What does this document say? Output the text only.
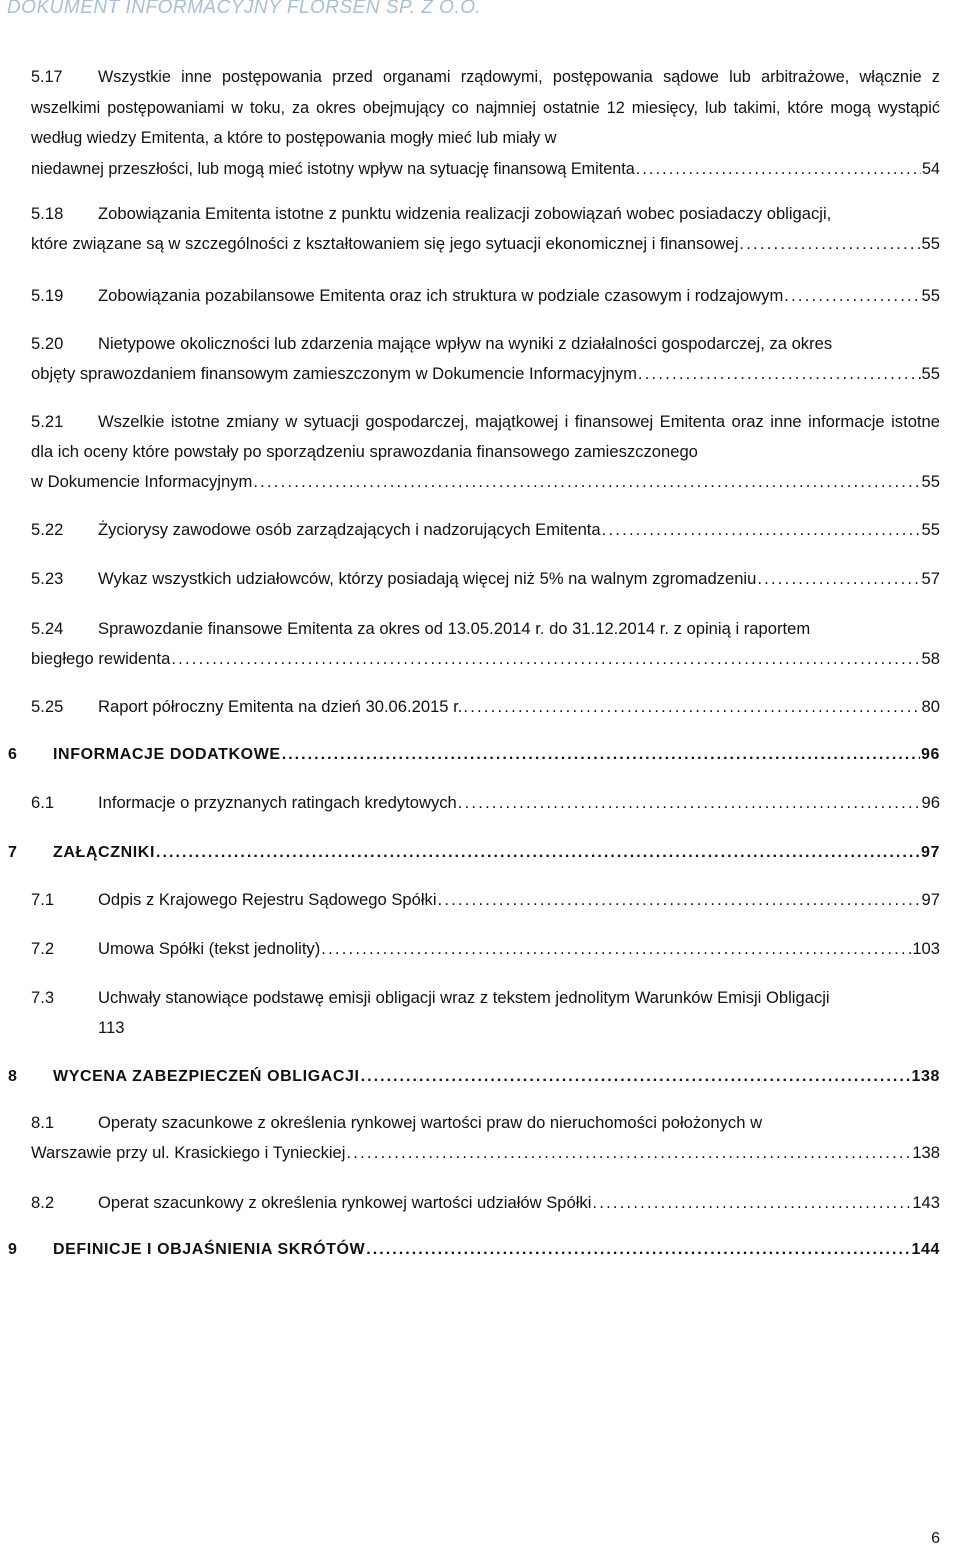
DOKUMENT INFORMACYJNY FLORSEN SP. Z O.O.
5.17 Wszystkie inne postępowania przed organami rządowymi, postępowania sądowe lub arbitrażowe, włącznie z wszelkimi postępowaniami w toku, za okres obejmujący co najmniej ostatnie 12 miesięcy, lub takimi, które mogą wystąpić według wiedzy Emitenta, a które to postępowania mogły mieć lub miały w
niedawnej przeszłości, lub mogą mieć istotny wpływ na sytuację finansową Emitenta . . .	54
5.18 Zobowiązania Emitenta istotne z punktu widzenia realizacji zobowiązań wobec posiadaczy obligacji,
które związane są w szczególności z kształtowaniem się jego sytuacji ekonomicznej i finansowej . . .	55
5.19	Zobowiązania pozabilansowe Emitenta oraz ich struktura w podziale czasowym i rodzajowym . . .	55
5.20 Nietypowe okoliczności lub zdarzenia mające wpływ na wyniki z działalności gospodarczej, za okres
objęty sprawozdaniem finansowym zamieszczonym w Dokumencie Informacyjnym . . .	55
5.21 Wszelkie istotne zmiany w sytuacji gospodarczej, majątkowej i finansowej Emitenta oraz inne informacje istotne dla ich oceny które powstały po sporządzeniu sprawozdania finansowego zamieszczonego
w Dokumencie Informacyjnym . . .	55
5.22	Życiorysy zawodowe osób zarządzających i nadzorujących Emitenta . . .	55
5.23	Wykaz wszystkich udziałowców, którzy posiadają więcej niż 5% na walnym zgromadzeniu . . .	57
5.24 Sprawozdanie finansowe Emitenta za okres od 13.05.2014 r. do 31.12.2014 r. z opinią i raportem
biegłego rewidenta . . .	58
5.25	Raport półroczny Emitenta na dzień 30.06.2015 r. . . .	80
6	INFORMACJE DODATKOWE . . .	96
6.1	Informacje o przyznanych ratingach kredytowych . . .	96
7	ZAŁĄCZNIKI . . .	97
7.1	Odpis z Krajowego Rejestru Sądowego Spółki . . .	97
7.2	Umowa Spółki (tekst jednolity) . . .	103
7.3	Uchwały stanowiące podstawę emisji obligacji wraz z tekstem jednolitym Warunków Emisji Obligacji
113
8	WYCENA ZABEZPIECZEŃ OBLIGACJI . . .	138
8.1	Operaty szacunkowe z określenia rynkowej wartości praw do nieruchomości położonych w
Warszawie przy ul. Krasickiego i Tynieckiej . . .	138
8.2	Operat szacunkowy z określenia rynkowej wartości udziałów Spółki . . .	143
9	DEFINICJE I OBJAŚNIENIA SKRÓTÓW . . .	144
6
